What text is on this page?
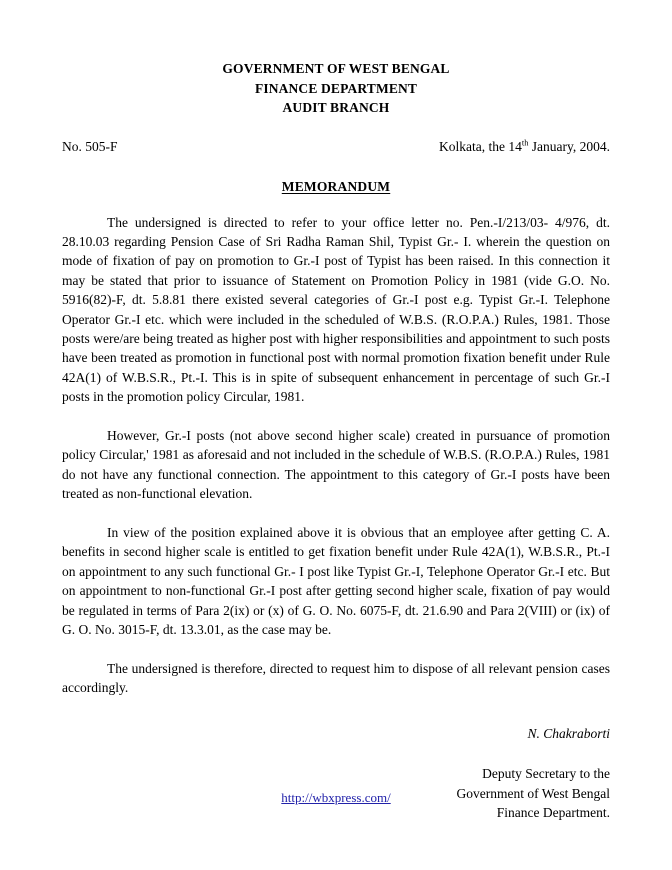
GOVERNMENT OF WEST BENGAL
FINANCE DEPARTMENT
AUDIT BRANCH
No. 505-F	Kolkata, the 14th January, 2004.
MEMORANDUM

The undersigned is directed to refer to your office letter no. Pen.-I/213/03- 4/976, dt. 28.10.03 regarding Pension Case of Sri Radha Raman Shil, Typist Gr.- I. wherein the question on mode of fixation of pay on promotion to Gr.-I post of Typist has been raised. In this connection it may be stated that prior to issuance of Statement on Promotion Policy in 1981 (vide G.O. No. 5916(82)-F, dt. 5.8.81 there existed several categories of Gr.-I post e.g. Typist Gr.-I. Telephone Operator Gr.-I etc. which were included in the scheduled of W.B.S. (R.O.P.A.) Rules, 1981. Those posts were/are being treated as higher post with higher responsibilities and appointment to such posts have been treated as promotion in functional post with normal promotion fixation benefit under Rule 42A(1) of W.B.S.R., Pt.-I. This is in spite of subsequent enhancement in percentage of such Gr.-I posts in the promotion policy Circular, 1981.

However, Gr.-I posts (not above second higher scale) created in pursuance of promotion policy Circular,' 1981 as aforesaid and not included in the schedule of W.B.S. (R.O.P.A.) Rules, 1981 do not have any functional connection. The appointment to this category of Gr.-I posts have been treated as non-functional elevation.

In view of the position explained above it is obvious that an employee after getting C. A. benefits in second higher scale is entitled to get fixation benefit under Rule 42A(1), W.B.S.R., Pt.-I on appointment to any such functional Gr.- I post like Typist Gr.-I, Telephone Operator Gr.-I etc. But on appointment to non-functional Gr.-I post after getting second higher scale, fixation of pay would be regulated in terms of Para 2(ix) or (x) of G. O. No. 6075-F, dt. 21.6.90 and Para 2(VIII) or (ix) of G. O. No. 3015-F, dt. 13.3.01, as the case may be.

The undersigned is therefore, directed to request him to dispose of all relevant pension cases accordingly.

N. Chakraborti
Deputy Secretary to the
Government of West Bengal
Finance Department.
http://wbxpress.com/
